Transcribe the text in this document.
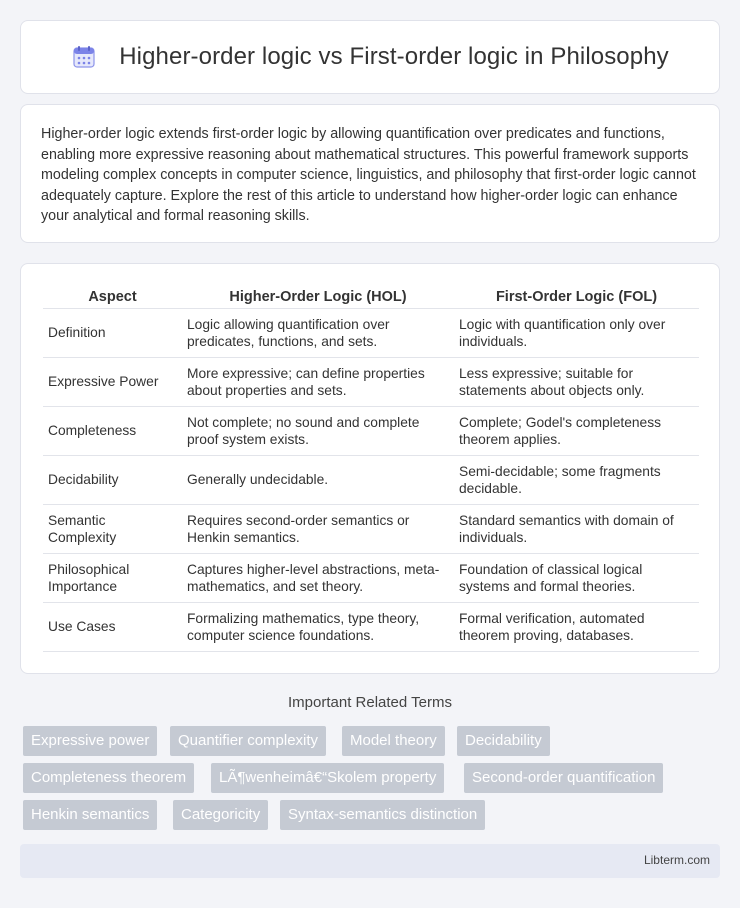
Higher-order logic vs First-order logic in Philosophy

Higher-order logic extends first-order logic by allowing quantification over predicates and functions, enabling more expressive reasoning about mathematical structures. This powerful framework supports modeling complex concepts in computer science, linguistics, and philosophy that first-order logic cannot adequately capture. Explore the rest of this article to understand how higher-order logic can enhance your analytical and formal reasoning skills.

Aspect	Higher-Order Logic (HOL)	First-Order Logic (FOL)
Definition	Logic allowing quantification over predicates, functions, and sets.	Logic with quantification only over individuals.
Expressive Power	More expressive; can define properties about properties and sets.	Less expressive; suitable for statements about objects only.
Completeness	Not complete; no sound and complete proof system exists.	Complete; Godel's completeness theorem applies.
Decidability	Generally undecidable.	Semi-decidable; some fragments decidable.
Semantic Complexity	Requires second-order semantics or Henkin semantics.	Standard semantics with domain of individuals.
Philosophical Importance	Captures higher-level abstractions, meta-mathematics, and set theory.	Foundation of classical logical systems and formal theories.
Use Cases	Formalizing mathematics, type theory, computer science foundations.	Formal verification, automated theorem proving, databases.
Important Related Terms
Expressive power	Quantifier complexity	Model theory	Decidability
Completeness theorem	LÃ¶wenheimâ€“Skolem property	Second-order quantification
Henkin semantics	Categoricity	Syntax-semantics distinction
Libterm.com
